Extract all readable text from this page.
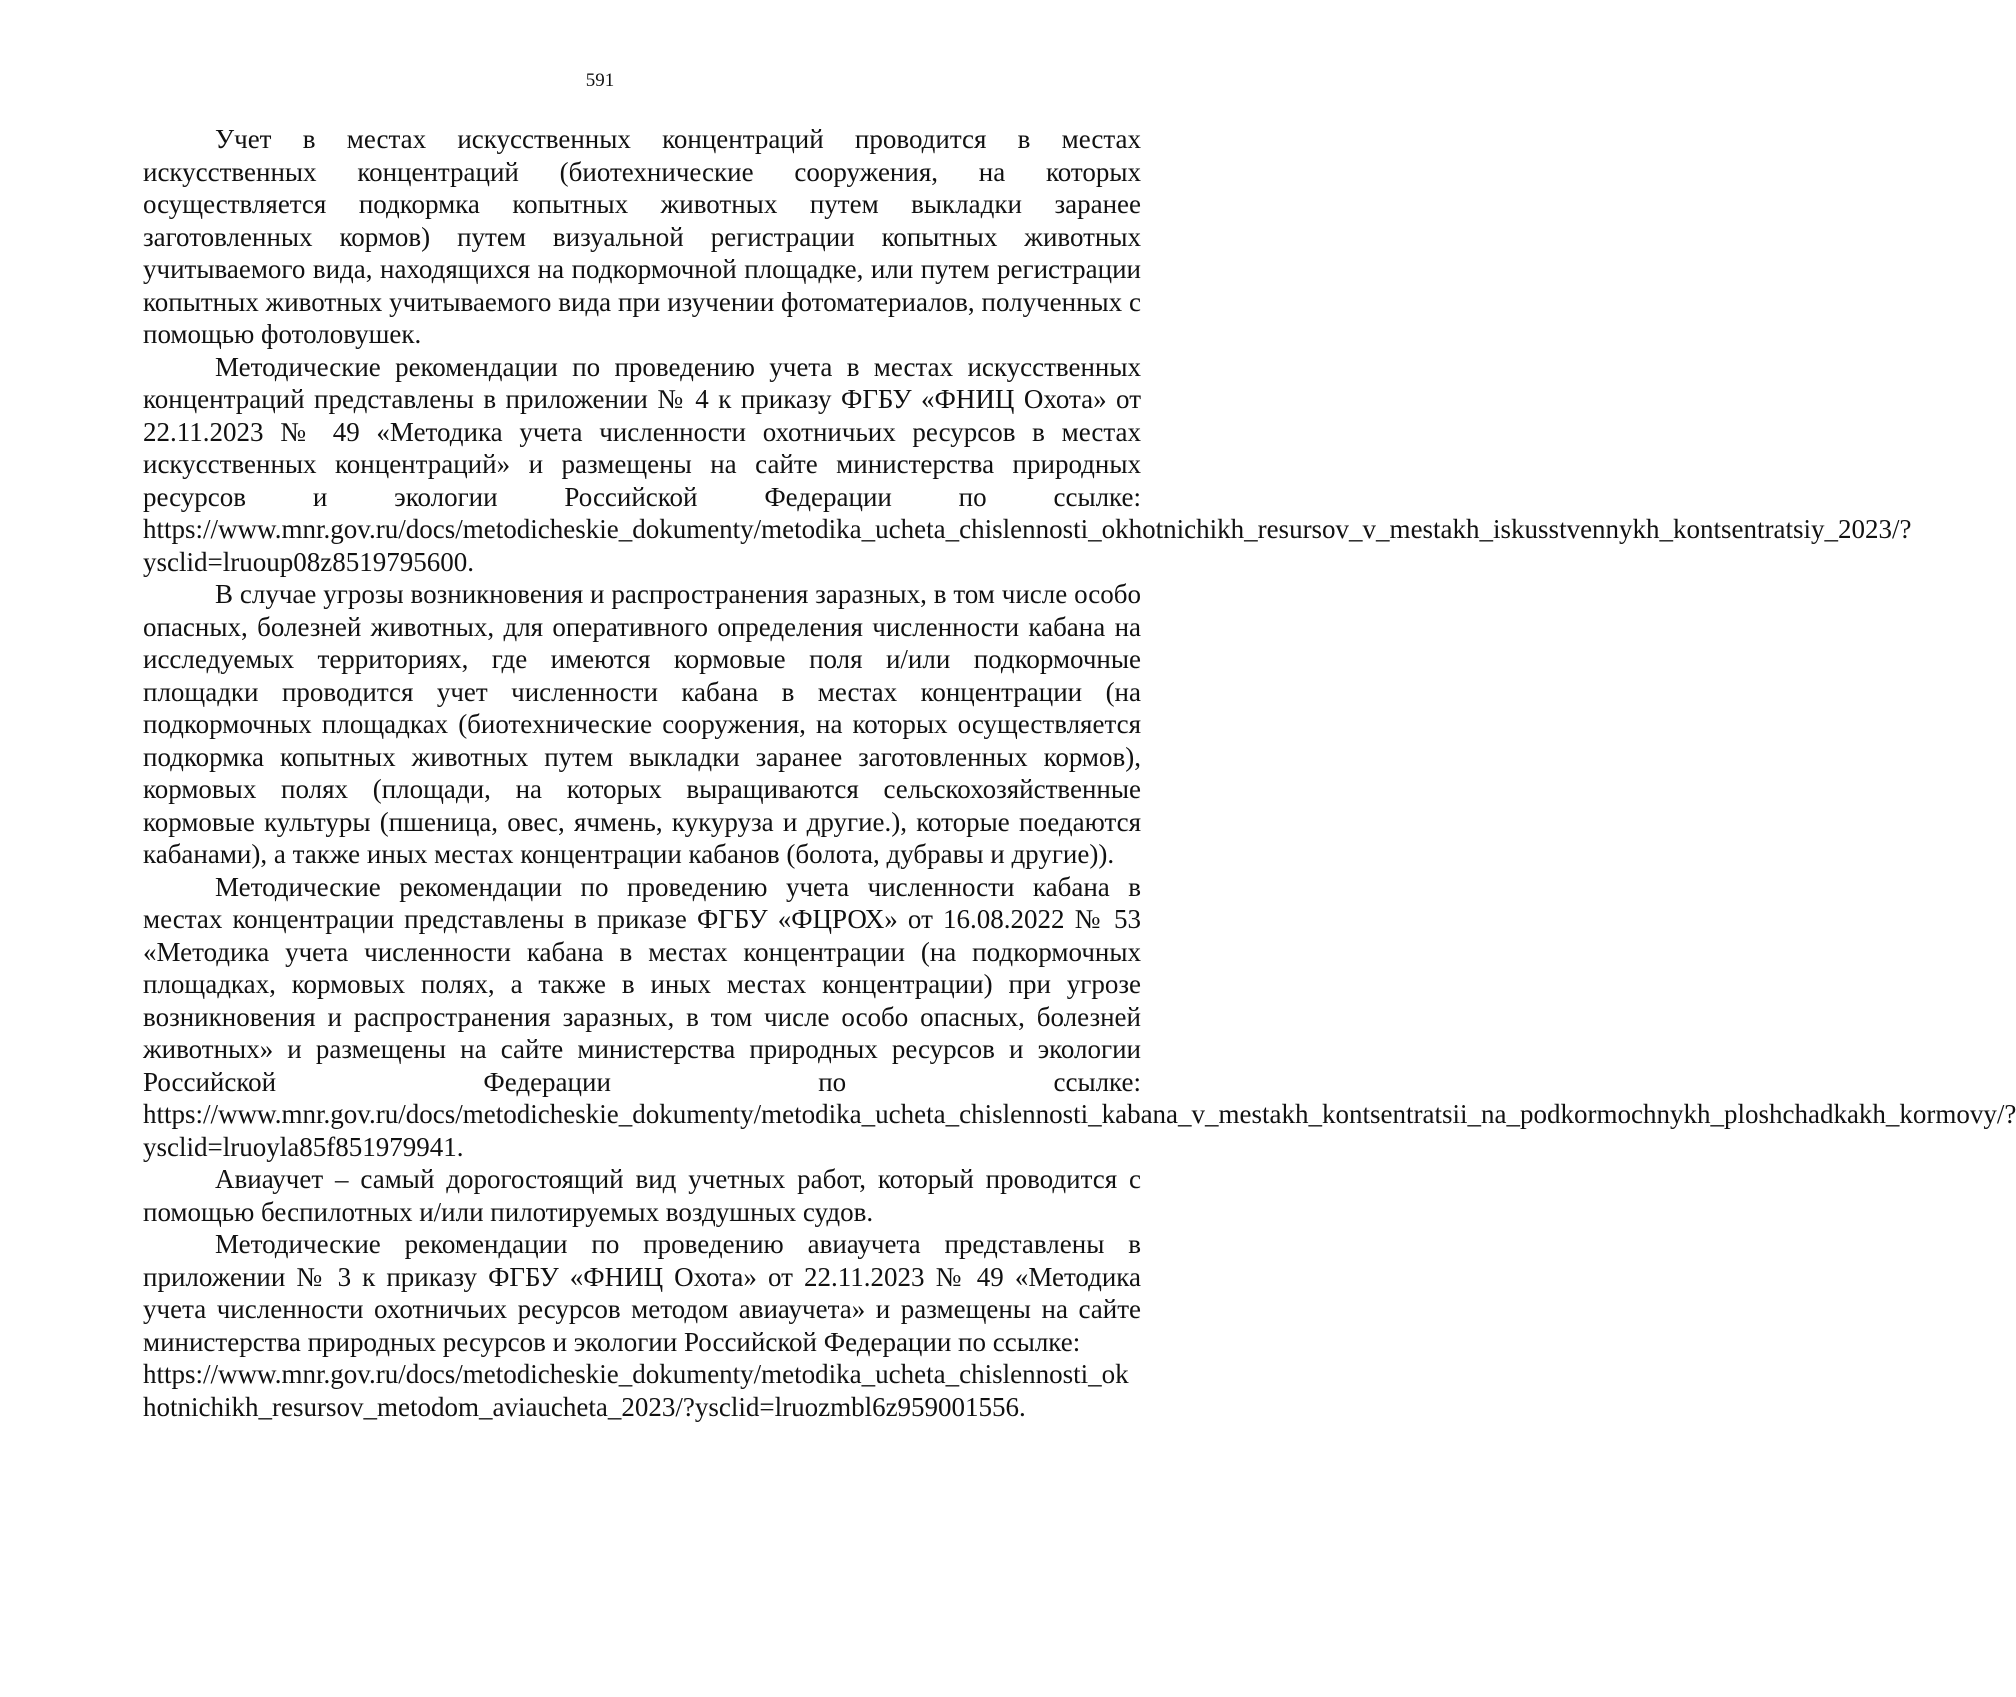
591

Учет в местах искусственных концентраций проводится в местах искусственных концентраций (биотехнические сооружения, на которых осуществляется подкормка копытных животных путем выкладки заранее заготовленных кормов) путем визуальной регистрации копытных животных учитываемого вида, находящихся на подкормочной площадке, или путем регистрации копытных животных учитываемого вида при изучении фотоматериалов, полученных с помощью фотоловушек.

Методические рекомендации по проведению учета в местах искусственных концентраций представлены в приложении № 4 к приказу ФГБУ «ФНИЦ Охота» от 22.11.2023 № 49 «Методика учета численности охотничьих ресурсов в местах искусственных концентраций» и размещены на сайте министерства природных ресурсов и экологии Российской Федерации по ссылке: https://www.mnr.gov.ru/docs/metodicheskie_dokumenty/metodika_ucheta_chislennosti_okhotnichikh_resursov_v_mestakh_iskusstvennykh_kontsentratsiy_2023/?ysclid=lruoup08z8519795600.

В случае угрозы возникновения и распространения заразных, в том числе особо опасных, болезней животных, для оперативного определения численности кабана на исследуемых территориях, где имеются кормовые поля и/или подкормочные площадки проводится учет численности кабана в местах концентрации (на подкормочных площадках (биотехнические сооружения, на которых осуществляется подкормка копытных животных путем выкладки заранее заготовленных кормов), кормовых полях (площади, на которых выращиваются сельскохозяйственные кормовые культуры (пшеница, овес, ячмень, кукуруза и другие.), которые поедаются кабанами), а также иных местах концентрации кабанов (болота, дубравы и другие)).

Методические рекомендации по проведению учета численности кабана в местах концентрации представлены в приказе ФГБУ «ФЦРОХ» от 16.08.2022 № 53 «Методика учета численности кабана в местах концентрации (на подкормочных площадках, кормовых полях, а также в иных местах концентрации) при угрозе возникновения и распространения заразных, в том числе особо опасных, болезней животных» и размещены на сайте министерства природных ресурсов и экологии Российской Федерации по ссылке: https://www.mnr.gov.ru/docs/metodicheskie_dokumenty/metodika_ucheta_chislennosti_kabana_v_mestakh_kontsentratsii_na_podkormochnykh_ploshchadkakh_kormovy/?ysclid=lruoyla85f851979941.

Авиаучет – самый дорогостоящий вид учетных работ, который проводится с помощью беспилотных и/или пилотируемых воздушных судов.

Методические рекомендации по проведению авиаучета представлены в приложении № 3 к приказу ФГБУ «ФНИЦ Охота» от 22.11.2023 № 49 «Методика учета численности охотничьих ресурсов методом авиаучета» и размещены на сайте министерства природных ресурсов и экологии Российской Федерации по ссылке:

https://www.mnr.gov.ru/docs/metodicheskie_dokumenty/metodika_ucheta_chislennosti_okhotnichikh_resursov_metodom_aviaucheta_2023/?ysclid=lruozmbl6z959001556.
